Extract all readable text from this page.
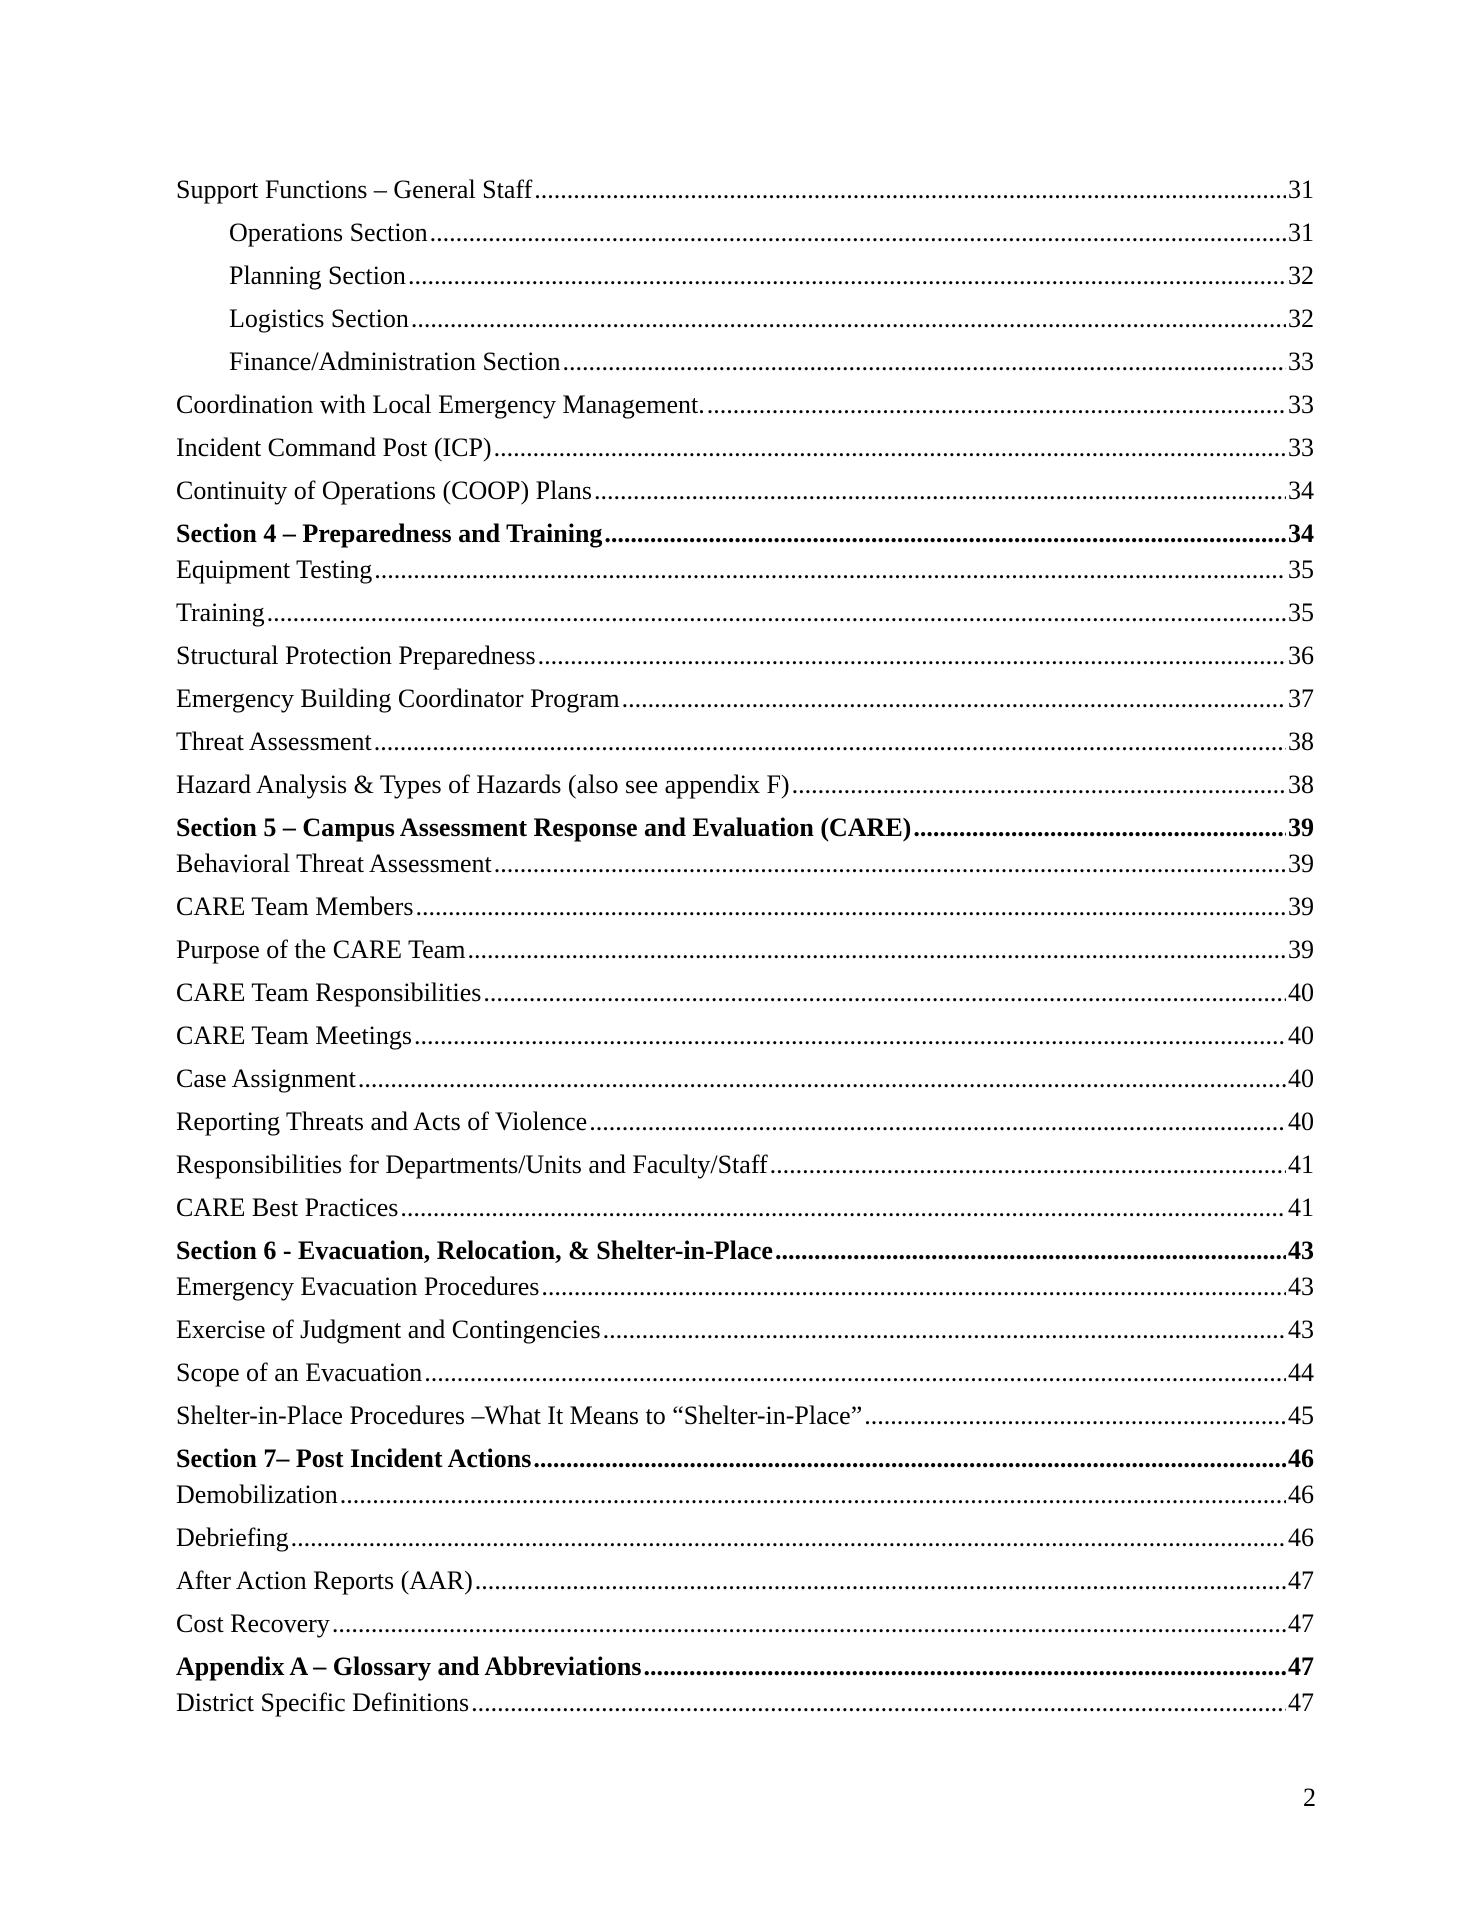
Support Functions – General Staff .....	31
Operations Section .....	31
Planning Section .....	32
Logistics Section .....	32
Finance/Administration Section .....	33
Coordination with Local Emergency Management. .....	33
Incident Command Post (ICP) .....	33
Continuity of Operations (COOP) Plans .....	34
Section 4 – Preparedness and Training .....	34
Equipment Testing .....	35
Training .....	35
Structural Protection Preparedness .....	36
Emergency Building Coordinator Program .....	37
Threat Assessment .....	38
Hazard Analysis & Types of Hazards (also see appendix F) .....	38
Section 5 – Campus Assessment Response and Evaluation (CARE) .....	39
Behavioral Threat Assessment .....	39
CARE Team Members .....	39
Purpose of the CARE Team .....	39
CARE Team Responsibilities .....	40
CARE Team Meetings .....	40
Case Assignment .....	40
Reporting Threats and Acts of Violence .....	40
Responsibilities for Departments/Units and Faculty/Staff .....	41
CARE Best Practices .....	41
Section 6 - Evacuation, Relocation, & Shelter-in-Place .....	43
Emergency Evacuation Procedures .....	43
Exercise of Judgment and Contingencies .....	43
Scope of an Evacuation .....	44
Shelter-in-Place Procedures –What It Means to “Shelter-in-Place” .....	45
Section 7– Post Incident Actions .....	46
Demobilization .....	46
Debriefing .....	46
After Action Reports (AAR) .....	47
Cost Recovery .....	47
Appendix A – Glossary and Abbreviations .....	47
District Specific Definitions .....	47
2
